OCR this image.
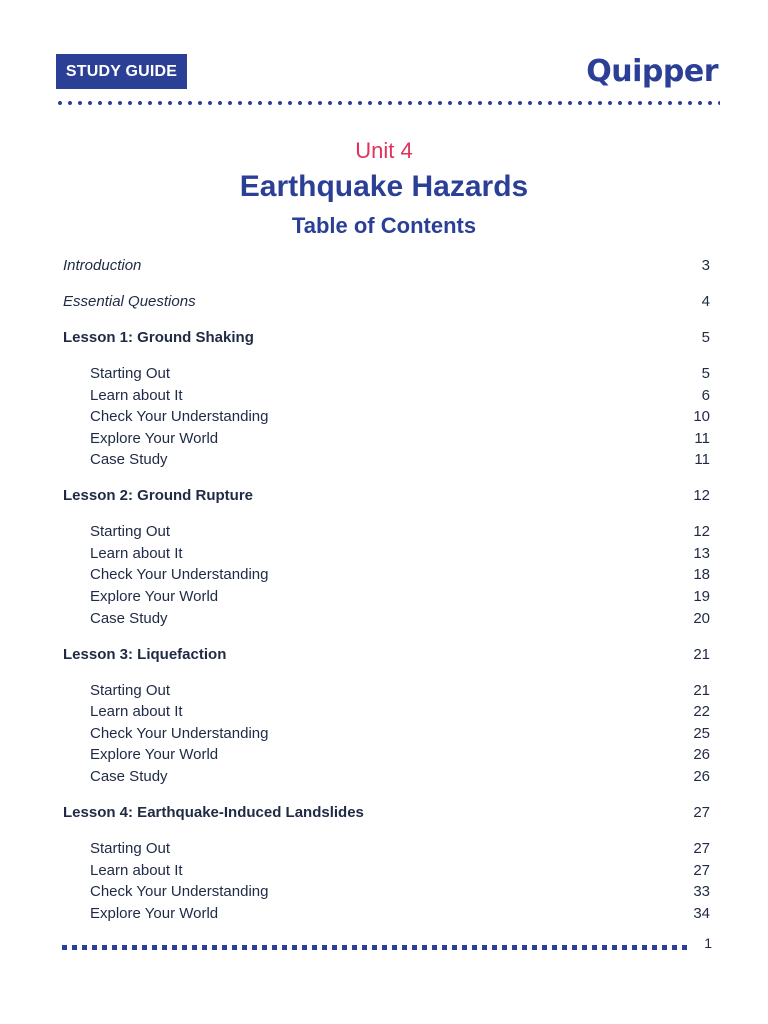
STUDY GUIDE	Quipper
Unit 4
Earthquake Hazards
Table of Contents
Introduction	3
Essential Questions	4
Lesson 1: Ground Shaking	5
Starting Out	5
Learn about It	6
Check Your Understanding	10
Explore Your World	11
Case Study	11
Lesson 2: Ground Rupture	12
Starting Out	12
Learn about It	13
Check Your Understanding	18
Explore Your World	19
Case Study	20
Lesson 3: Liquefaction	21
Starting Out	21
Learn about It	22
Check Your Understanding	25
Explore Your World	26
Case Study	26
Lesson 4: Earthquake-Induced Landslides	27
Starting Out	27
Learn about It	27
Check Your Understanding	33
Explore Your World	34
1
